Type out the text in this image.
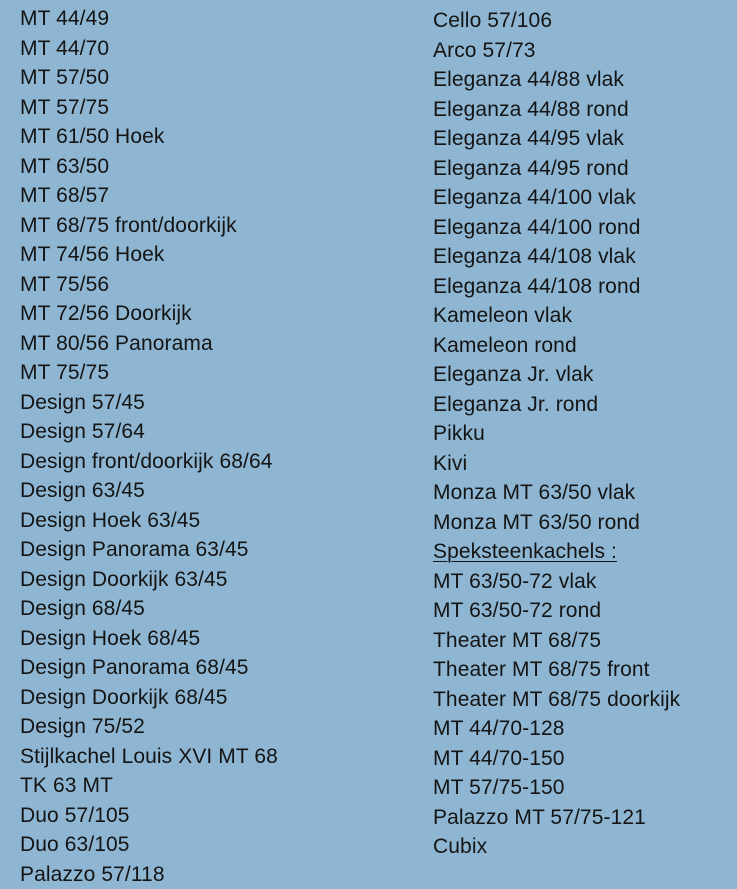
MT 44/49
MT 44/70
MT 57/50
MT 57/75
MT 61/50 Hoek
MT 63/50
MT 68/57
MT 68/75 front/doorkijk
MT 74/56 Hoek
MT 75/56
MT 72/56 Doorkijk
MT 80/56 Panorama
MT 75/75
Design 57/45
Design 57/64
Design front/doorkijk 68/64
Design 63/45
Design Hoek 63/45
Design Panorama 63/45
Design Doorkijk 63/45
Design 68/45
Design Hoek 68/45
Design Panorama 68/45
Design Doorkijk 68/45
Design 75/52
Stijlkachel Louis XVI MT 68
TK 63 MT
Duo 57/105
Duo 63/105
Palazzo 57/118
Cello 57/106
Arco 57/73
Eleganza 44/88 vlak
Eleganza 44/88 rond
Eleganza 44/95 vlak
Eleganza 44/95 rond
Eleganza 44/100 vlak
Eleganza 44/100 rond
Eleganza 44/108 vlak
Eleganza 44/108 rond
Kameleon vlak
Kameleon rond
Eleganza Jr. vlak
Eleganza Jr. rond
Pikku
Kivi
Monza MT 63/50 vlak
Monza MT 63/50 rond
Speksteenkachels :
MT 63/50-72 vlak
MT 63/50-72 rond
Theater MT 68/75
Theater MT 68/75 front
Theater MT 68/75 doorkijk
MT 44/70-128
MT 44/70-150
MT 57/75-150
Palazzo MT 57/75-121
Cubix
